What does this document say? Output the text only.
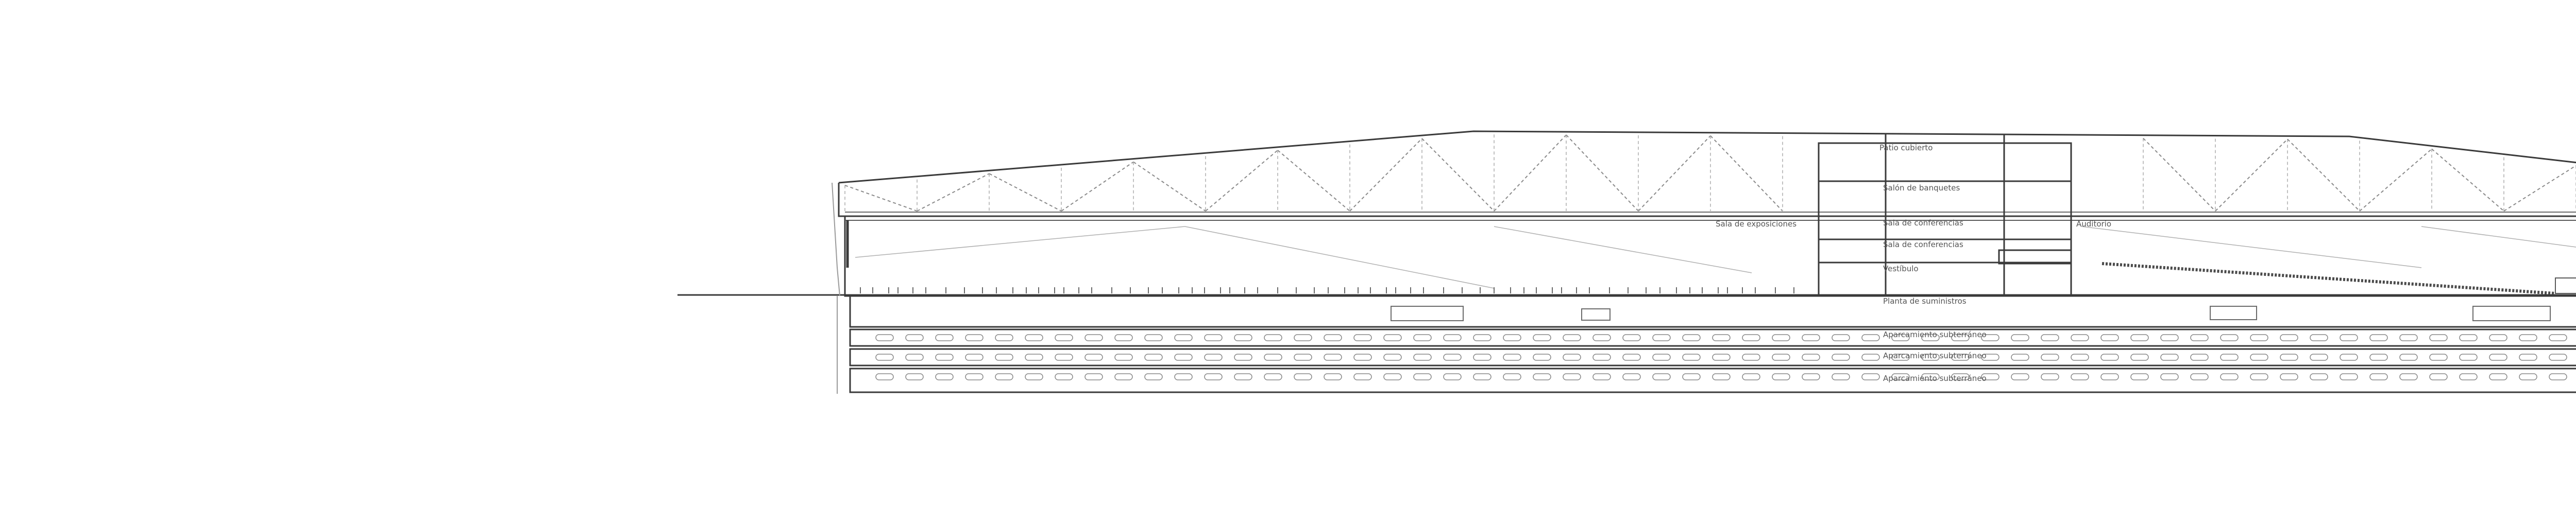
Patio cubierto
Salón de banquetes
Sala de exposiciones	Sala de conferencias
Sala de conferencias
Auditorio
Vestíbulo
Planta de suministros
Aparcamiento subterráneo
Aparcamiento subterráneo
Aparcamiento subterráneo
